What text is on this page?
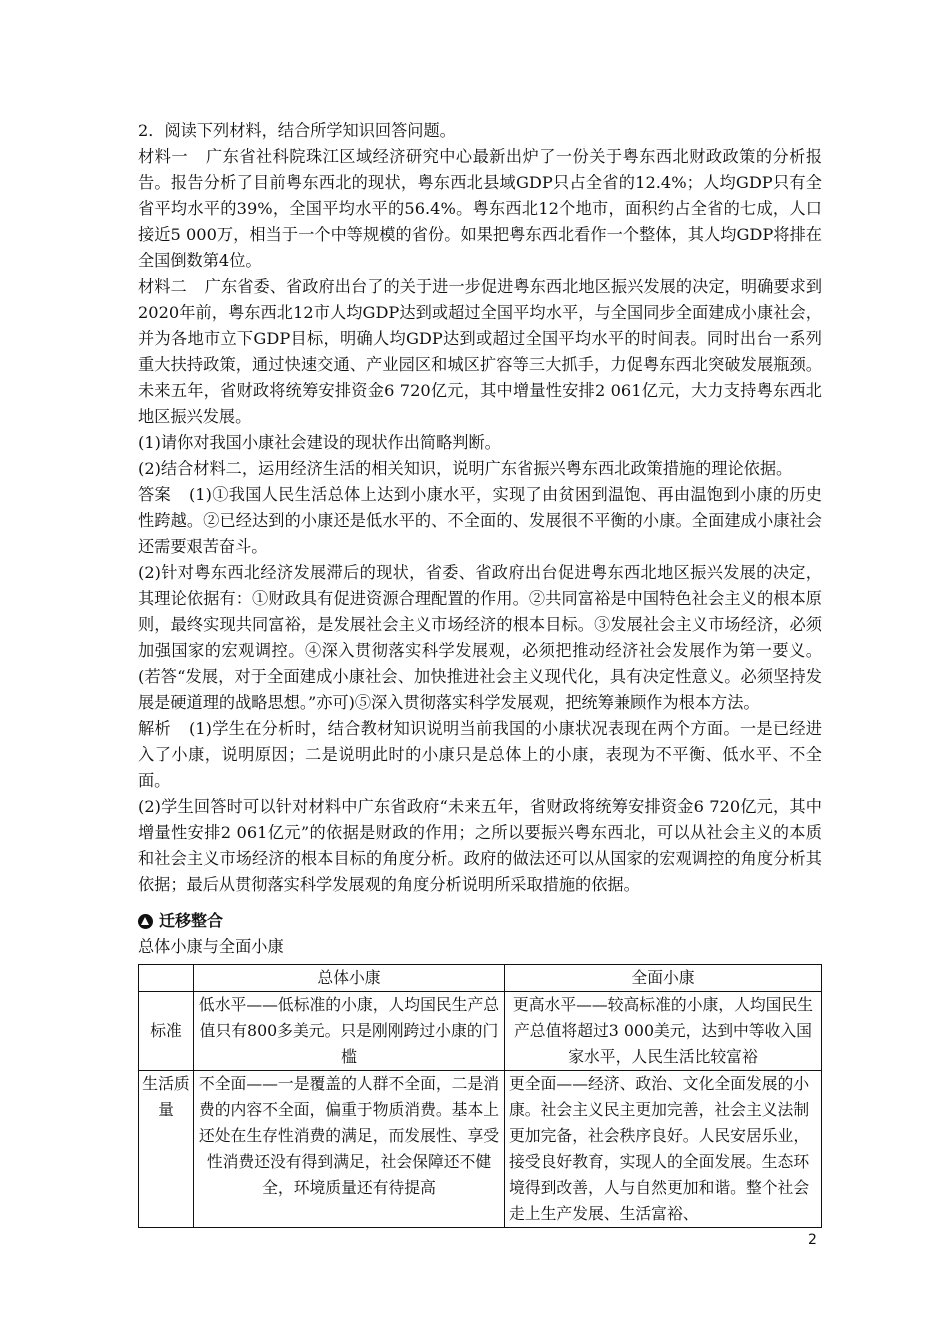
2．阅读下列材料，结合所学知识回答问题。

材料一 广东省社科院珠江区域经济研究中心最新出炉了一份关于粤东西北财政政策的分析报告。报告分析了目前粤东西北的现状，粤东西北县域GDP只占全省的12.4%；人均GDP只有全省平均水平的39%，全国平均水平的56.4%。粤东西北12个地市，面积约占全省的七成，人口接近5 000万，相当于一个中等规模的省份。如果把粤东西北看作一个整体，其人均GDP将排在全国倒数第4位。

材料二 广东省委、省政府出台了的关于进一步促进粤东西北地区振兴发展的决定，明确要求到2020年前，粤东西北12市人均GDP达到或超过全国平均水平，与全国同步全面建成小康社会，并为各地市立下GDP目标，明确人均GDP达到或超过全国平均水平的时间表。同时出台一系列重大扶持政策，通过快速交通、产业园区和城区扩容等三大抓手，力促粤东西北突破发展瓶颈。未来五年，省财政将统筹安排资金6 720亿元，其中增量性安排2 061亿元，大力支持粤东西北地区振兴发展。

(1)请你对我国小康社会建设的现状作出简略判断。

(2)结合材料二，运用经济生活的相关知识，说明广东省振兴粤东西北政策措施的理论依据。

答案 (1)①我国人民生活总体上达到小康水平，实现了由贫困到温饱、再由温饱到小康的历史性跨越。②已经达到的小康还是低水平的、不全面的、发展很不平衡的小康。全面建成小康社会还需要艰苦奋斗。

(2)针对粤东西北经济发展滞后的现状，省委、省政府出台促进粤东西北地区振兴发展的决定，其理论依据有：①财政具有促进资源合理配置的作用。②共同富裕是中国特色社会主义的根本原则，最终实现共同富裕，是发展社会主义市场经济的根本目标。③发展社会主义市场经济，必须加强国家的宏观调控。④深入贯彻落实科学发展观，必须把推动经济社会发展作为第一要义。(若答“发展，对于全面建成小康社会、加快推进社会主义现代化，具有决定性意义。必须坚持发展是硬道理的战略思想。”亦可)⑤深入贯彻落实科学发展观，把统筹兼顾作为根本方法。

解析 (1)学生在分析时，结合教材知识说明当前我国的小康状况表现在两个方面。一是已经进入了小康，说明原因；二是说明此时的小康只是总体上的小康，表现为不平衡、低水平、不全面。

(2)学生回答时可以针对材料中广东省政府“未来五年，省财政将统筹安排资金6 720亿元，其中增量性安排2 061亿元”的依据是财政的作用；之所以要振兴粤东西北，可以从社会主义的本质和社会主义市场经济的根本目标的角度分析。政府的做法还可以从国家的宏观调控的角度分析其依据；最后从贯彻落实科学发展观的角度分析说明所采取措施的依据。

迁移整合

总体小康与全面小康

	总体小康	全面小康
标准	低水平——低标准的小康，人均国民生产总值只有800多美元。只是刚刚跨过小康的门槛	更高水平——较高标准的小康，人均国民生产总值将超过3 000美元，达到中等收入国家水平，人民生活比较富裕
生活质量	不全面——一是覆盖的人群不全面，二是消费的内容不全面，偏重于物质消费。基本上还处在生存性消费的满足，而发展性、享受性消费还没有得到满足，社会保障还不健全，环境质量还有待提高	更全面——经济、政治、文化全面发展的小康。社会主义民主更加完善，社会主义法制更加完备，社会秩序良好。人民安居乐业，接受良好教育，实现人的全面发展。生态环境得到改善，人与自然更加和谐。整个社会走上生产发展、生活富裕、
2
